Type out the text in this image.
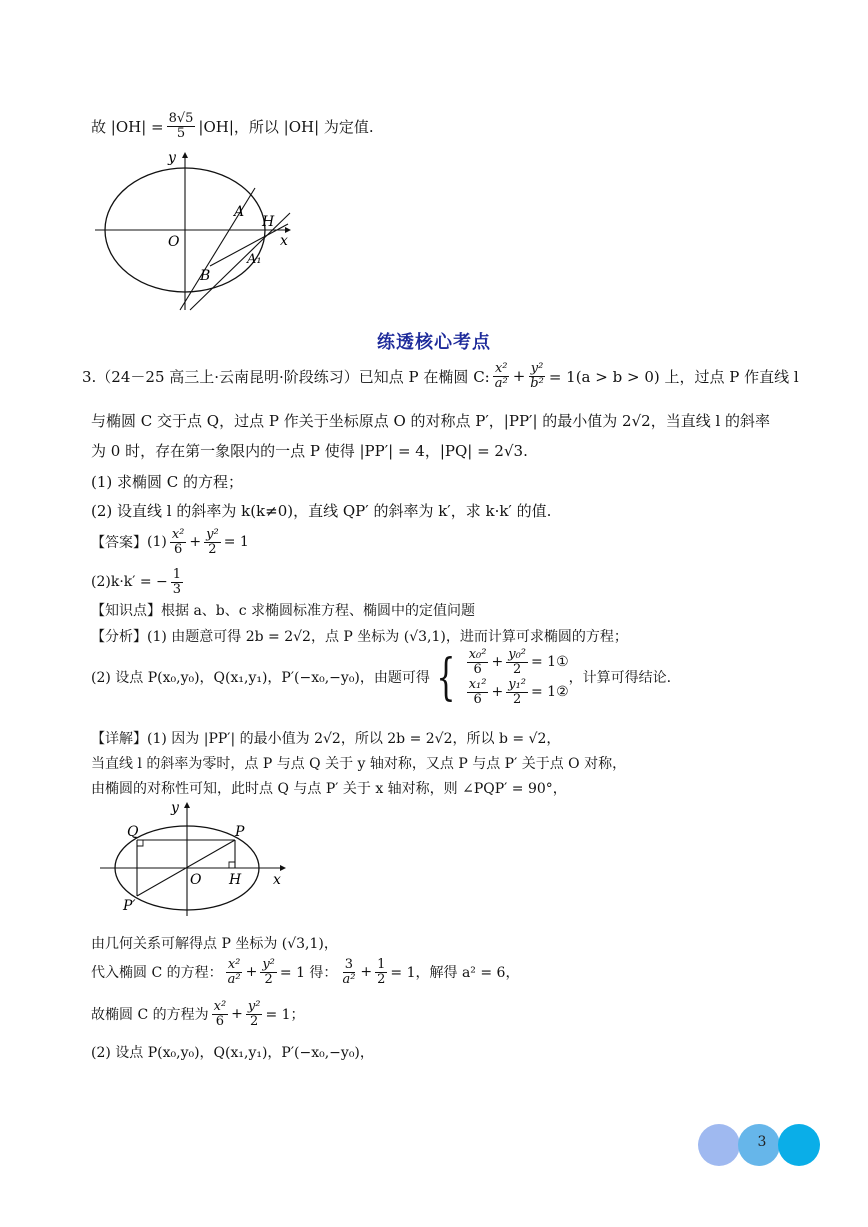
故 $|OH| = \frac{8√5}{5} |OH|$，所以 |OH| 为定值.
y
x
O
A
H
B
A₁
练透核心考点
3.（24－25 高三上·云南昆明·阶段练习）已知点 P 在椭圆 C: $\frac{\text{x²}}{\text{a²}} + \frac{\text{y²}}{\text{b²}} = 1(a > b > 0)$ 上，过点 P 作直线 l
与椭圆 C 交于点 Q，过点 P 作关于坐标原点 O 的对称点 P′，|PP′| 的最小值为 2√2，当直线 l 的斜率
为 0 时，存在第一象限内的一点 P 使得 |PP′| = 4，|PQ| = 2√3.
(1) 求椭圆 C 的方程；
(2) 设直线 l 的斜率为 k(k≠0)，直线 QP′ 的斜率为 k′，求 k·k′ 的值.
【答案】 $(1) \frac{\text{x²}}{6} + \frac{\text{y²}}{2} = 1$
(2)k·k′ = − $\frac{1}{3}$
【知识点】根据 a、b、c 求椭圆标准方程、椭圆中的定值问题
【分析】(1) 由题意可得 2b = 2√2，点 P 坐标为 (√3,1)，进而计算可求椭圆的方程；
(2) 设点 P(x₀,y₀)，Q(x₁,y₁)，P′(−x₀,−y₀)，由题可得 { $\frac{\text{x₀²}}{6} + \frac{\text{y₀²}}{2}$ = 1①
$\frac{\text{x₁²}}{6} + \frac{\text{y₁²}}{2}$ = 1②
，计算可得结论.
【详解】(1) 因为 |PP′| 的最小值为 2√2，所以 2b = 2√2，所以 b = √2，
当直线 l 的斜率为零时，点 P 与点 Q 关于 y 轴对称，又点 P 与点 P′ 关于点 O 对称，
由椭圆的对称性可知，此时点 Q 与点 P′ 关于 x 轴对称，则 ∠PQP′ = 90°，
y
x
O
Q	P
H
P′
由几何关系可解得点 P 坐标为 (√3,1)，
代入椭圆 C 的方程： $\frac{\text{x²}}{\text{a²}} + \frac{\text{y²}}{2} = 1$ 得： $\frac{3}{\text{a²}} + \frac{1}{2} = 1$，解得 a² = 6，
故椭圆 C 的方程为 $\frac{\text{x²}}{6} + \frac{\text{y²}}{2} = 1$；
(2) 设点 P(x₀,y₀)，Q(x₁,y₁)，P′(−x₀,−y₀)，
3
